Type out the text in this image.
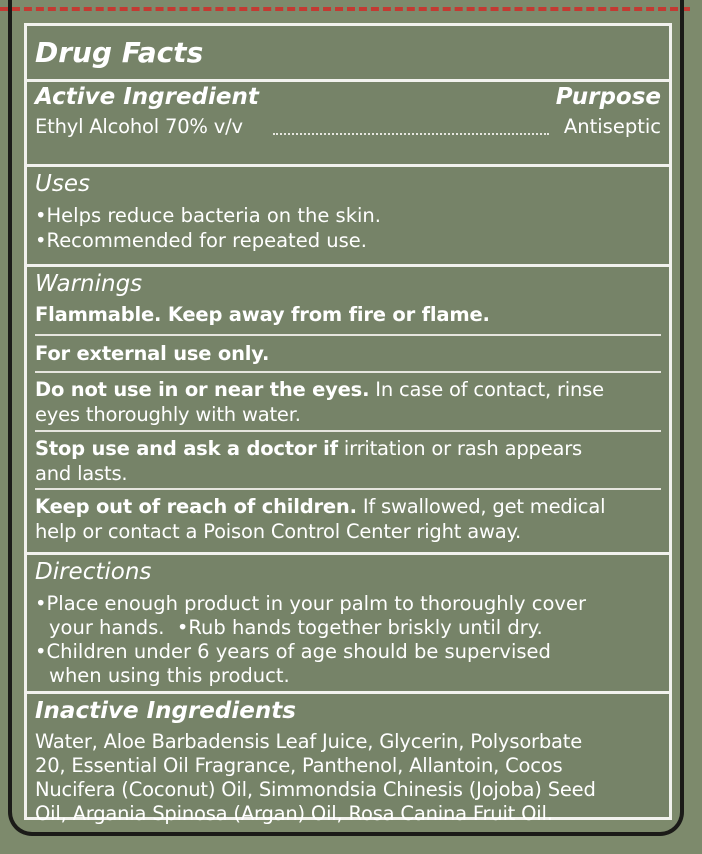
Drug Facts
Active Ingredient	Purpose
Ethyl Alcohol 70% v/v	Antiseptic
Uses
•Helps reduce bacteria on the skin.
•Recommended for repeated use.
Warnings
Flammable. Keep away from fire or flame.
For external use only.
Do not use in or near the eyes. In case of contact, rinse
eyes thoroughly with water.
Stop use and ask a doctor if irritation or rash appears
and lasts.
Keep out of reach of children. If swallowed, get medical
help or contact a Poison Control Center right away.
Directions
•Place enough product in your palm to thoroughly cover
your hands.  •Rub hands together briskly until dry.
•Children under 6 years of age should be supervised
when using this product.
Inactive Ingredients
Water, Aloe Barbadensis Leaf Juice, Glycerin, Polysorbate
20, Essential Oil Fragrance, Panthenol, Allantoin, Cocos
Nucifera (Coconut) Oil, Simmondsia Chinesis (Jojoba) Seed
Oil, Argania Spinosa (Argan) Oil, Rosa Canina Fruit Oil.
